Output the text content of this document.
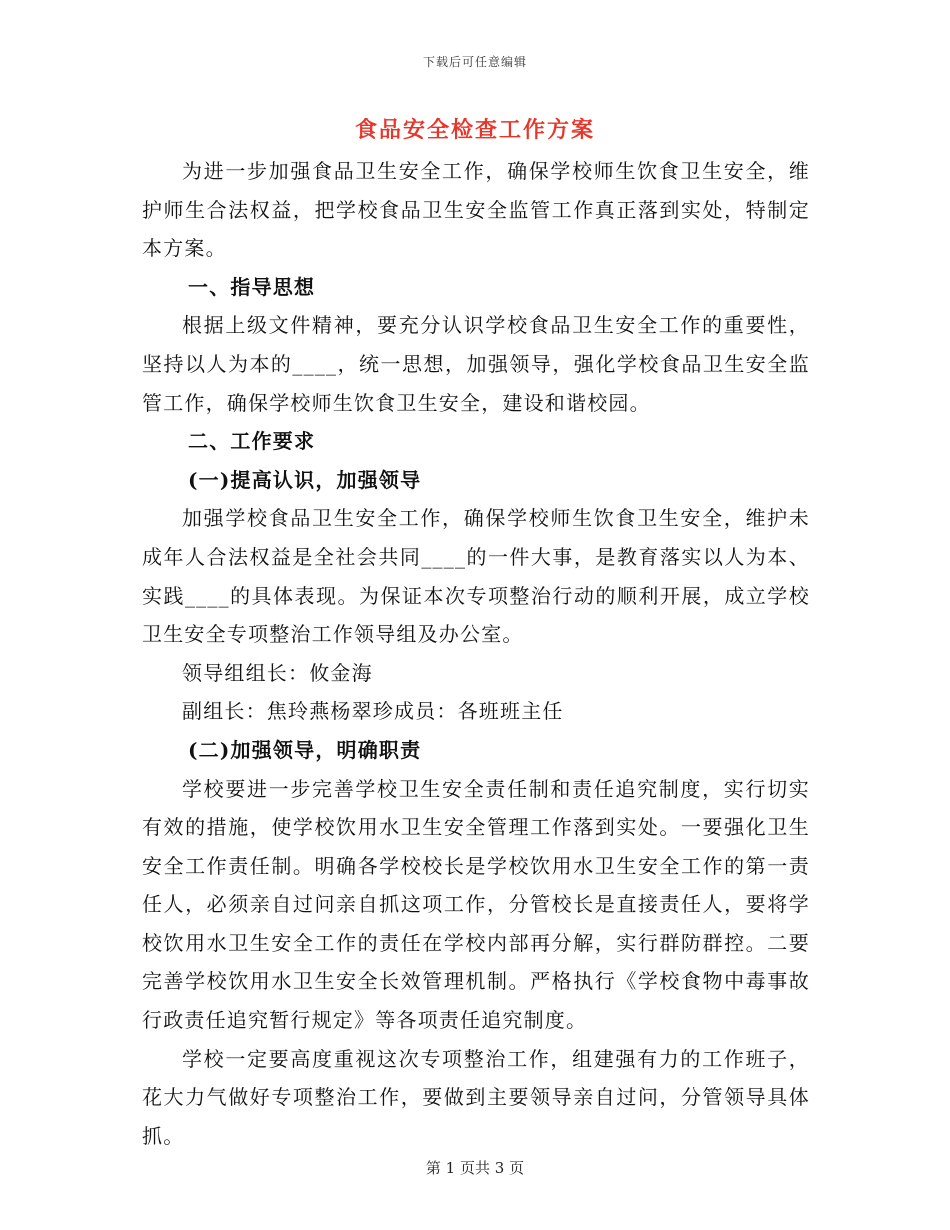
下载后可任意编辑
食品安全检查工作方案

为进一步加强食品卫生安全工作，确保学校师生饮食卫生安全，维护师生合法权益，把学校食品卫生安全监管工作真正落到实处，特制定本方案。

一、指导思想

根据上级文件精神，要充分认识学校食品卫生安全工作的重要性，坚持以人为本的____，统一思想，加强领导，强化学校食品卫生安全监管工作，确保学校师生饮食卫生安全，建设和谐校园。

二、工作要求

(一)提高认识，加强领导

加强学校食品卫生安全工作，确保学校师生饮食卫生安全，维护未成年人合法权益是全社会共同____的一件大事，是教育落实以人为本、实践____的具体表现。为保证本次专项整治行动的顺利开展，成立学校卫生安全专项整治工作领导组及办公室。

领导组组长：攸金海

副组长：焦玲燕杨翠珍成员：各班班主任

(二)加强领导，明确职责

学校要进一步完善学校卫生安全责任制和责任追究制度，实行切实有效的措施，使学校饮用水卫生安全管理工作落到实处。一要强化卫生安全工作责任制。明确各学校校长是学校饮用水卫生安全工作的第一责任人，必须亲自过问亲自抓这项工作，分管校长是直接责任人，要将学校饮用水卫生安全工作的责任在学校内部再分解，实行群防群控。二要完善学校饮用水卫生安全长效管理机制。严格执行《学校食物中毒事故行政责任追究暂行规定》等各项责任追究制度。

学校一定要高度重视这次专项整治工作，组建强有力的工作班子，花大力气做好专项整治工作，要做到主要领导亲自过问，分管领导具体抓。

第 1 页共 3 页
